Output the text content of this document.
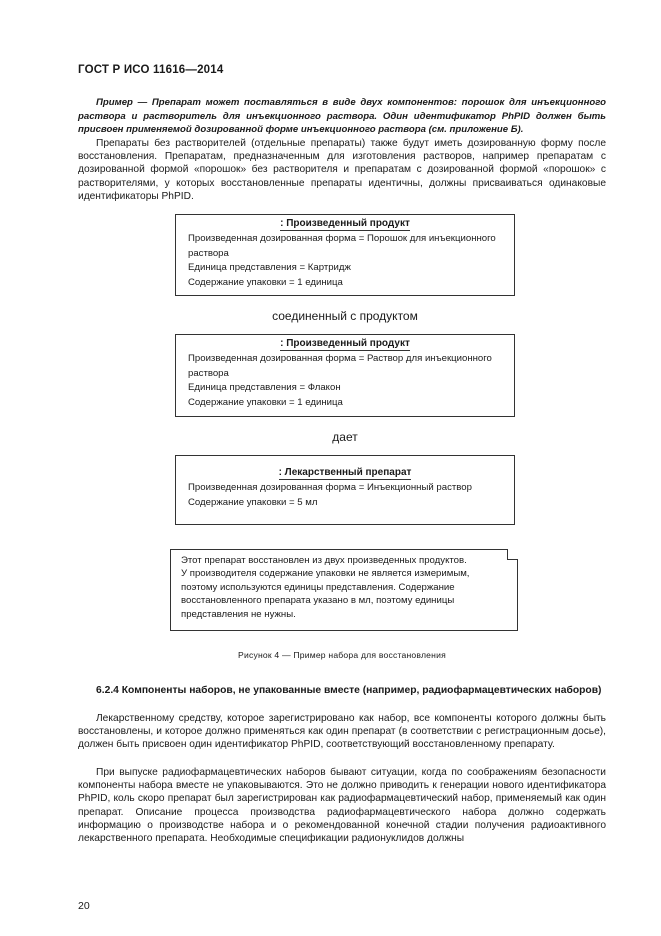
ГОСТ Р ИСО 11616—2014
Пример — Препарат может поставляться в виде двух компонентов: порошок для инъекционного раствора и растворитель для инъекционного раствора. Один идентификатор PhPID должен быть присвоен применяемой дозированной форме инъекционного раствора (см. приложение Б).
Препараты без растворителей (отдельные препараты) также будут иметь дозированную форму после восстановления. Препаратам, предназначенным для изготовления растворов, например препаратам с дозированной формой «порошок» без растворителя и препаратам с дозированной формой «порошок» с растворителями, у которых восстановленные препараты идентичны, должны присваиваться одинаковые идентификаторы PhPID.
: Произведенный продукт
Произведенная дозированная форма = Порошок для инъекционного раствора
Единица представления = Картридж
Содержание упаковки = 1 единица
соединенный с продуктом
: Произведенный продукт
Произведенная дозированная форма = Раствор для инъекционного раствора
Единица представления = Флакон
Содержание упаковки = 1 единица
дает
: Лекарственный препарат
Произведенная дозированная форма = Инъекционный раствор
Содержание упаковки = 5 мл
Этот препарат восстановлен из двух произведенных продуктов.
У производителя содержание упаковки не является измеримым,
поэтому используются единицы представления. Содержание
восстановленного препарата указано в мл, поэтому единицы
представления не нужны.
Рисунок 4 — Пример набора для восстановления
6.2.4 Компоненты наборов, не упакованные вместе (например, радиофармацевтических наборов)
Лекарственному средству, которое зарегистрировано как набор, все компоненты которого должны быть восстановлены, и которое должно применяться как один препарат (в соответствии с регистрационным досье), должен быть присвоен один идентификатор PhPID, соответствующий восстановленному препарату.
При выпуске радиофармацевтических наборов бывают ситуации, когда по соображениям безопасности компоненты набора вместе не упаковываются. Это не должно приводить к генерации нового идентификатора PhPID, коль скоро препарат был зарегистрирован как радиофармацевтический набор, применяемый как один препарат. Описание процесса производства радиофармацевтического набора должно содержать информацию о производстве набора и о рекомендованной конечной стадии получения радиоактивного лекарственного препарата. Необходимые спецификации радионуклидов должны
20
